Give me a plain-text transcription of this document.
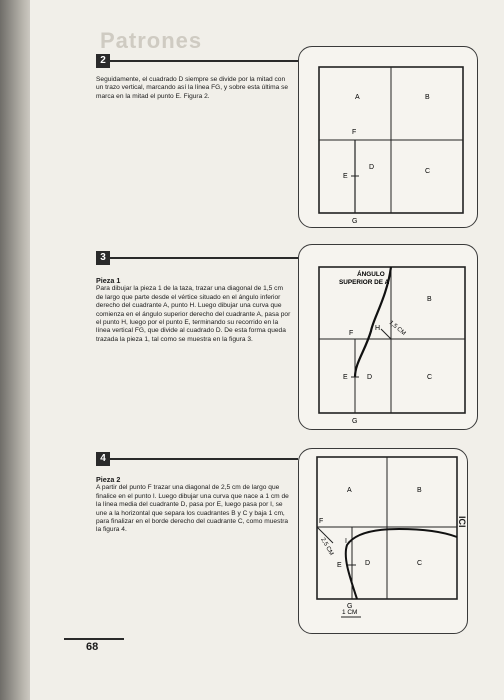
Patrones
2
Seguidamente, el cuadrado D siempre se divide por la mitad con un trazo vertical, marcando así la línea FG, y sobre esta última se marca en la mitad el punto E. Figura 2.	A	B
C
D
E
F
G
3
Pieza 1
Para dibujar la pieza 1 de la taza, trazar una diagonal de 1,5 cm de largo que parte desde el vértice situado en el ángulo inferior derecho del cuadrante A, punto H. Luego dibujar una curva que comienza en el ángulo superior derecho del cuadrante A, pasa por el punto H, luego por el punto E, terminando su recorrido en la línea vertical FG, que divide al cuadrado D. De esta forma queda trazada la pieza 1, tal como se muestra en la figura 3.
ÁNGULO
SUPERIOR DE A
B
C
D
E
F
G
H 1,5 CM
4
Pieza 2
A partir del punto F trazar una diagonal de 2,5 cm de largo que finalice en el punto I. Luego dibujar una curva que nace a 1 cm de la línea media del cuadrante D, pasa por E, luego pasa por I, se une a la horizontal que separa los cuadrantes B y C y baja 1 cm, para finalizar en el borde derecho del cuadrante C, como muestra la figura 4.
A	B
C
D
E
F
G
I
2,5 CM
1 CM
ICI
68
